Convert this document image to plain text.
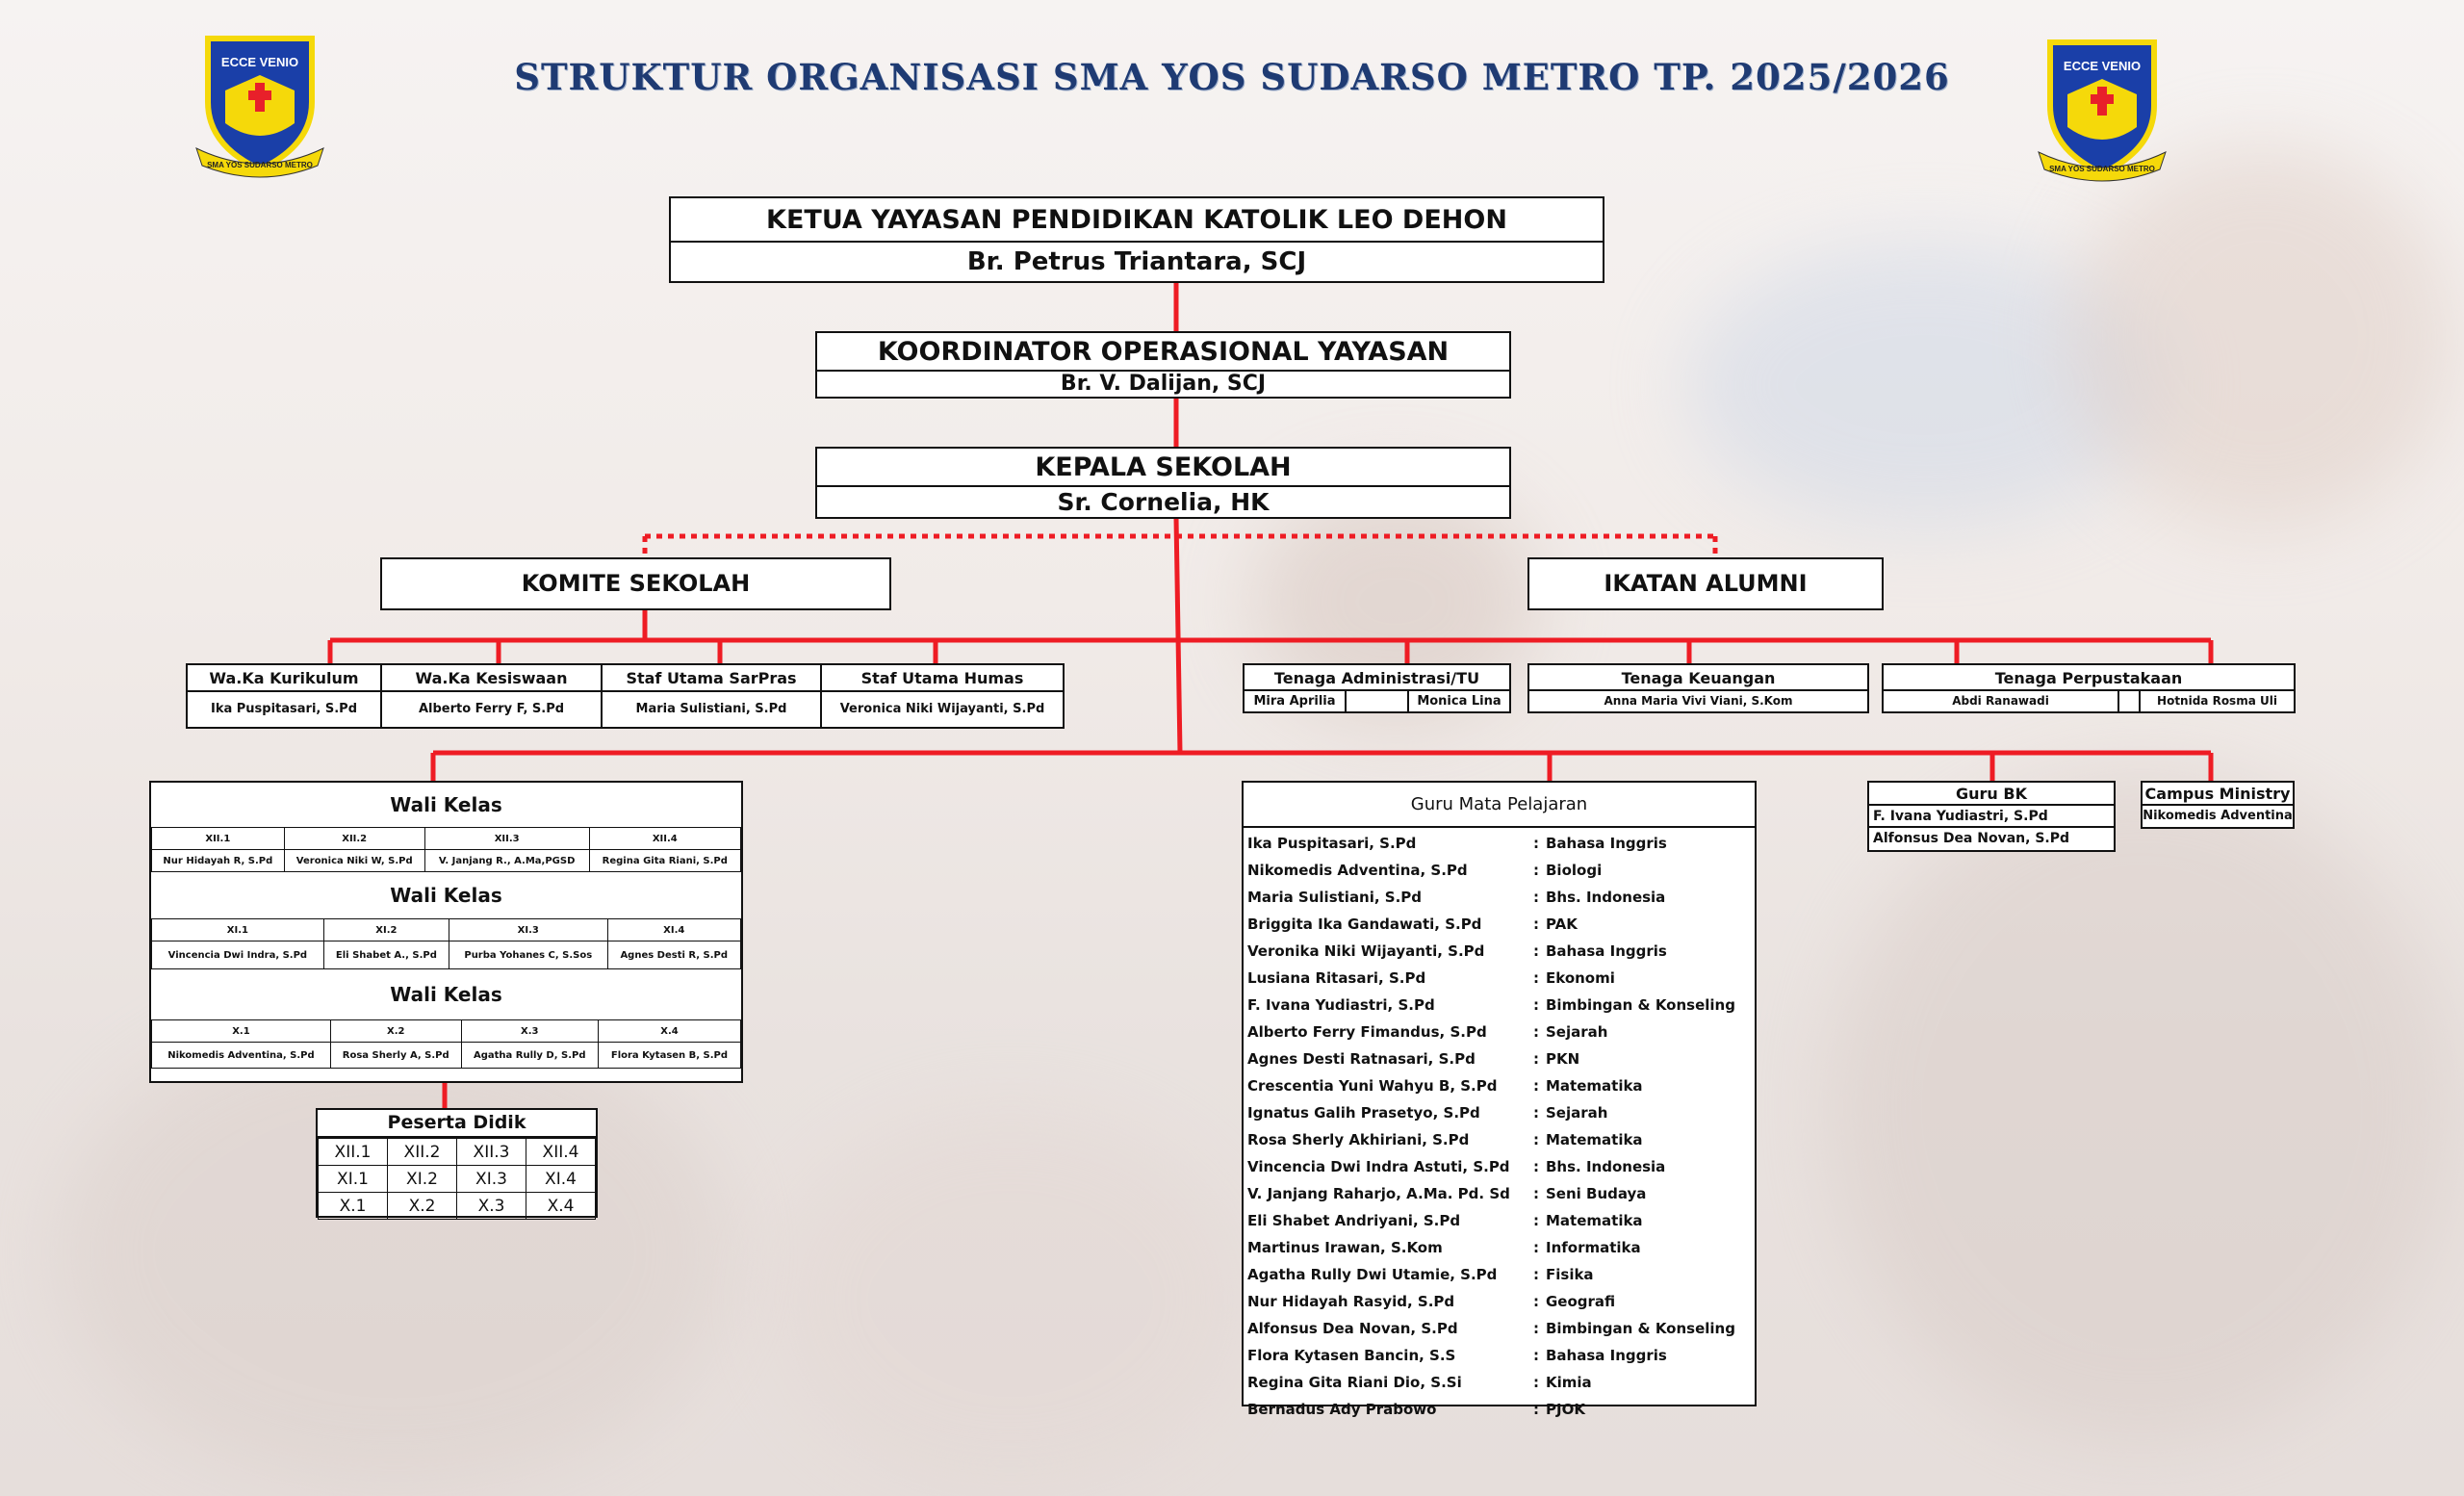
STRUKTUR ORGANISASI SMA YOS SUDARSO METRO TP. 2025/2026
ECCE VENIO
SMA YOS SUDARSO METRO
ECCE VENIO
SMA YOS SUDARSO METRO
KETUA YAYASAN PENDIDIKAN KATOLIK LEO DEHON
Br. Petrus Triantara, SCJ
KOORDINATOR OPERASIONAL YAYASAN
Br. V. Dalijan, SCJ
KEPALA SEKOLAH
Sr. Cornelia, HK
KOMITE SEKOLAH	IKATAN ALUMNI
Wa.Ka Kurikulum
Ika Puspitasari, S.Pd
Wa.Ka Kesiswaan
Alberto Ferry F, S.Pd
Staf Utama SarPras
Maria Sulistiani, S.Pd
Staf Utama Humas
Veronica Niki Wijayanti, S.Pd
Tenaga Administrasi/TU
Mira Aprilia	Monica Lina
Tenaga Keuangan
Anna Maria Vivi Viani, S.Kom
Tenaga Perpustakaan
Abdi Ranawadi	Hotnida Rosma Uli
Wali Kelas
XII.1	XII.2	XII.3	XII.4
Nur Hidayah R, S.Pd	Veronica Niki W, S.Pd	V. Janjang R., A.Ma,PGSD	Regina Gita Riani, S.Pd
Wali Kelas
XI.1	XI.2	XI.3	XI.4
Vincencia Dwi Indra, S.Pd	Eli Shabet A., S.Pd	Purba Yohanes C, S.Sos	Agnes Desti R, S.Pd
Wali Kelas
X.1	X.2	X.3	X.4
Nikomedis Adventina, S.Pd	Rosa Sherly A, S.Pd	Agatha Rully D, S.Pd	Flora Kytasen B, S.Pd
Peserta Didik
XII.1	XII.2	XII.3	XII.4
XI.1	XI.2	XI.3	XI.4
X.1	X.2	X.3	X.4
Guru Mata Pelajaran
Ika Puspitasari, S.Pd	: Bahasa Inggris
Nikomedis Adventina, S.Pd	: Biologi
Maria Sulistiani, S.Pd	: Bhs. Indonesia
Briggita Ika Gandawati, S.Pd	: PAK
Veronika Niki Wijayanti, S.Pd	: Bahasa Inggris
Lusiana Ritasari, S.Pd	: Ekonomi
F. Ivana Yudiastri, S.Pd	: Bimbingan & Konseling
Alberto Ferry Fimandus, S.Pd	: Sejarah
Agnes Desti Ratnasari, S.Pd	: PKN
Crescentia Yuni Wahyu B, S.Pd	: Matematika
Ignatus Galih Prasetyo, S.Pd	: Sejarah
Rosa Sherly Akhiriani, S.Pd	: Matematika
Vincencia Dwi Indra Astuti, S.Pd	: Bhs. Indonesia
V. Janjang Raharjo, A.Ma. Pd. Sd	: Seni Budaya
Eli Shabet Andriyani, S.Pd	: Matematika
Martinus Irawan, S.Kom	: Informatika
Agatha Rully Dwi Utamie, S.Pd	: Fisika
Nur Hidayah Rasyid, S.Pd	: Geografi
Alfonsus Dea Novan, S.Pd	: Bimbingan & Konseling
Flora Kytasen Bancin, S.S	: Bahasa Inggris
Regina Gita Riani Dio, S.Si	: Kimia
Bernadus Ady Prabowo	: PJOK
Guru BK
F. Ivana Yudiastri, S.Pd
Alfonsus Dea Novan, S.Pd
Campus Ministry
Nikomedis Adventina
